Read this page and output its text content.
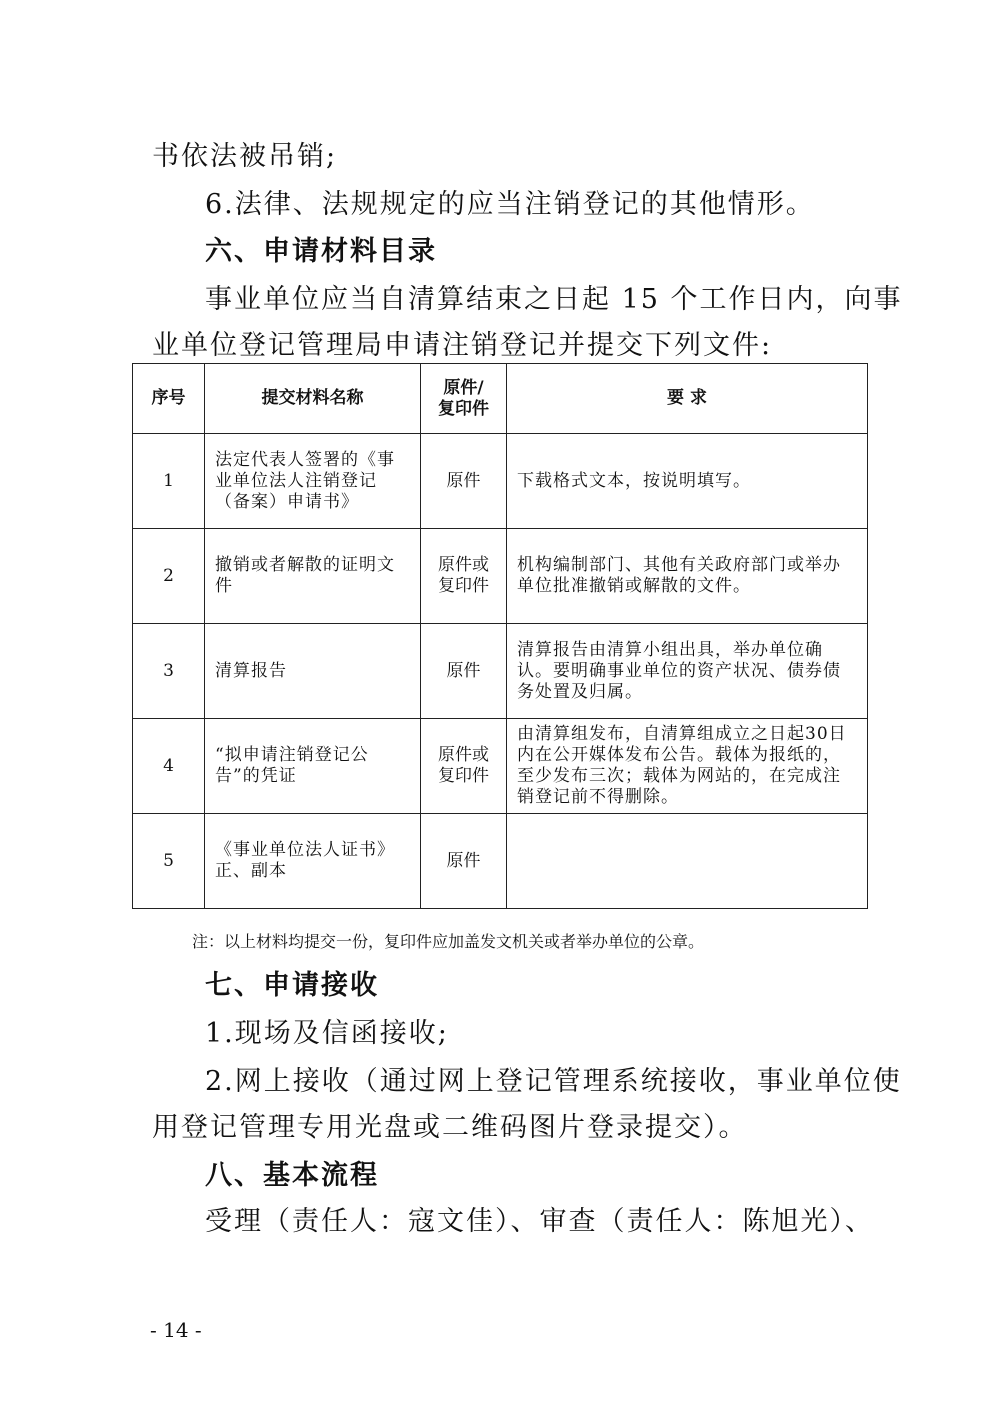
书依法被吊销;
6.法律、法规规定的应当注销登记的其他情形。
六、申请材料目录
事业单位应当自清算结束之日起 15 个工作日内，向事
业单位登记管理局申请注销登记并提交下列文件:
序号	提交材料名称	原件/复印件	要 求
1	法定代表人签署的《事业单位法人注销登记（备案）申请书》	原件	下载格式文本，按说明填写。
2	撤销或者解散的证明文件	原件或复印件	机构编制部门、其他有关政府部门或举办单位批准撤销或解散的文件。
3	清算报告	原件	清算报告由清算小组出具，举办单位确认。要明确事业单位的资产状况、债券债务处置及归属。
4	“拟申请注销登记公告”的凭证	原件或复印件	由清算组发布，自清算组成立之日起30日内在公开媒体发布公告。载体为报纸的，至少发布三次；载体为网站的，在完成注销登记前不得删除。
5	《事业单位法人证书》正、副本	原件	
注：以上材料均提交一份，复印件应加盖发文机关或者举办单位的公章。
七、申请接收
1.现场及信函接收;
2.网上接收（通过网上登记管理系统接收，事业单位使
用登记管理专用光盘或二维码图片登录提交）。
八、基本流程
受理（责任人：寇文佳）、审查（责任人：陈旭光）、
- 14 -
